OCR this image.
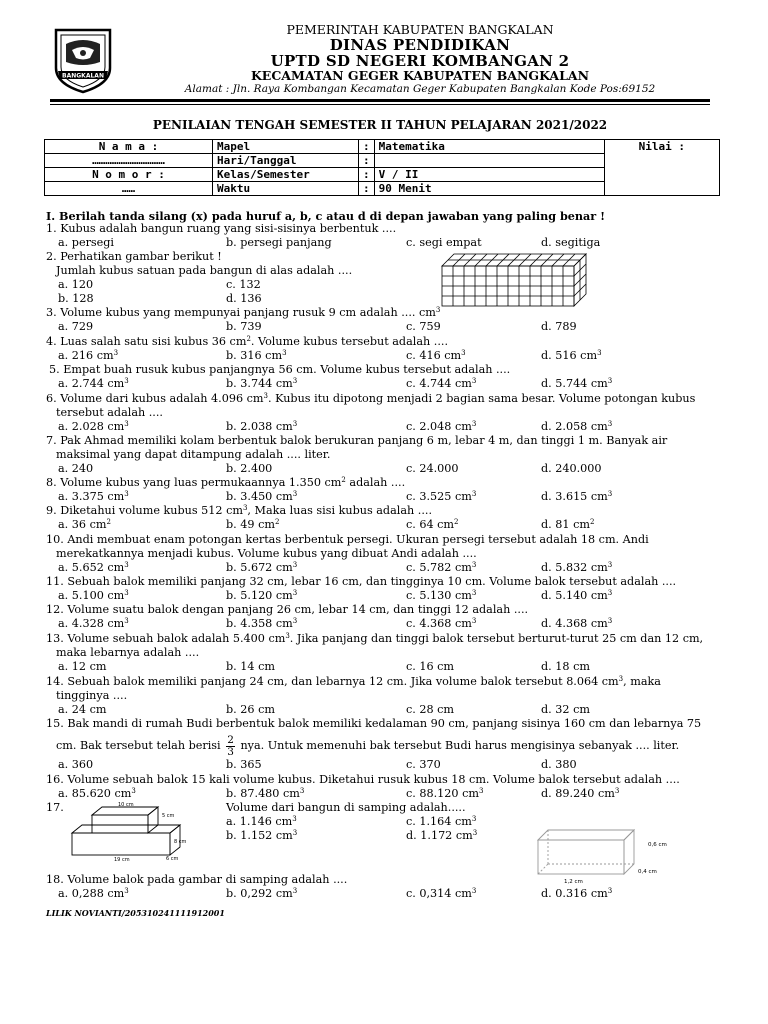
BANGKALAN
PEMERINTAH KABUPATEN BANGKALAN
DINAS PENDIDIKAN
UPTD SD NEGERI KOMBANGAN 2
KECAMATAN GEGER KABUPATEN BANGKALAN
Alamat : Jln. Raya Kombangan Kecamatan Geger Kabupaten Bangkalan Kode Pos:69152
PENILAIAN TENGAH SEMESTER II TAHUN PELAJARAN 2021/2022
N a m a :	Mapel	:	Matematika	Nilai :
……………………………	Hari/Tanggal	:		
N o m o r :	Kelas/Semester	:	V / II	
……	Waktu	:	90 Menit	
I. Berilah tanda silang (x) pada huruf a, b, c atau d di depan jawaban yang paling benar !
1. Kubus adalah bangun ruang yang sisi-sisinya berbentuk ....
a. persegi	b. persegi panjang	c. segi empat	d. segitiga
2. Perhatikan gambar berikut !
Jumlah kubus satuan pada bangun di alas adalah ....
a. 120	c. 132
b. 128	d. 136
3. Volume kubus yang mempunyai panjang rusuk 9 cm adalah .... $cm^3$
a. 729	b. 739	c. 759	d. 789
4. Luas salah satu sisi kubus 36 $cm^2$. Volume kubus tersebut adalah ....
a. 216 $cm^3$	b. 316 $cm^3$	c. 416 $cm^3$	d. 516 $cm^3$
5. Empat buah rusuk kubus panjangnya 56 cm. Volume kubus tersebut adalah ....
a. 2.744 $cm^3$	b. 3.744 $cm^3$	c. 4.744 $cm^3$	d. 5.744 $cm^3$
6. Volume dari kubus adalah 4.096 $cm^3$. Kubus itu dipotong menjadi 2 bagian sama besar. Volume potongan kubus
tersebut adalah ....
a. 2.028 $cm^3$	b. 2.038 $cm^3$	c. 2.048 $cm^3$	d. 2.058 $cm^3$
7. Pak Ahmad memiliki kolam berbentuk balok berukuran panjang 6 m, lebar 4 m, dan tinggi 1 m. Banyak air
maksimal yang dapat ditampung adalah .... liter.
a. 240	b. 2.400	c. 24.000	d. 240.000
8. Volume kubus yang luas permukaannya 1.350 $cm^2$ adalah ....
a. 3.375 $cm^3$	b. 3.450 $cm^3$	c. 3.525 $cm^3$	d. 3.615 $cm^3$
9. Diketahui volume kubus 512 $cm^3$, Maka luas sisi kubus adalah ....
a. 36 $cm^2$	b. 49 $cm^2$	c. 64 $cm^2$	d. 81 $cm^2$
10. Andi membuat enam potongan kertas berbentuk persegi. Ukuran persegi tersebut adalah 18 cm. Andi
merekatkannya menjadi kubus. Volume kubus yang dibuat Andi adalah ....
a. 5.652 $cm^3$	b. 5.672 $cm^3$	c. 5.782 $cm^3$	d. 5.832 $cm^3$
11. Sebuah balok memiliki panjang 32 cm, lebar 16 cm, dan tingginya 10 cm. Volume balok tersebut adalah ....
a. 5.100 $cm^3$	b. 5.120 $cm^3$	c. 5.130 $cm^3$	d. 5.140 $cm^3$
12. Volume suatu balok dengan panjang 26 cm, lebar 14 cm, dan tinggi 12 adalah ....
a. 4.328 $cm^3$	b. 4.358 $cm^3$	c. 4.368 $cm^3$	d. 4.368 $cm^3$
13. Volume sebuah balok adalah 5.400 $cm^3$. Jika panjang dan tinggi balok tersebut berturut-turut 25 cm dan 12 cm,
maka lebarnya adalah ....
a. 12 cm	b. 14 cm	c. 16 cm	d. 18 cm
14. Sebuah balok memiliki panjang 24 cm, dan lebarnya 12 cm. Jika volume balok tersebut 8.064 $cm^3$, maka
tingginya ....
a. 24 cm	b. 26 cm	c. 28 cm	d. 32 cm
15. Bak mandi di rumah Budi berbentuk balok memiliki kedalaman 90 cm, panjang sisinya 160 cm dan lebarnya 75
cm. Bak tersebut telah berisi $\frac{2}{3}$ nya. Untuk memenuhi bak tersebut Budi harus mengisinya sebanyak .... liter.
a. 360	b. 365	c. 370	d. 380
16. Volume sebuah balok 15 kali volume kubus. Diketahui rusuk kubus 18 cm. Volume balok tersebut adalah ....
a. 85.620 $cm^3$	b. 87.480 $cm^3$	c. 88.120 $cm^3$	d. 89.240 $cm^3$
17.	Volume dari bangun di samping adalah.....
a. 1.146 $cm^3$	c. 1.164 $cm^3$
b. 1.152 $cm^3$	d. 1.172 $cm^3$
10 cm
5 cm
8 cm
19 cm	6 cm
0,6 cm
0,4 cm
1,2 cm
18. Volume balok pada gambar di samping adalah ....
a. 0,288 $cm^3$	b. 0,292 $cm^3$	c. 0,314 $cm^3$	d. 0.316 $cm^3$
LILIK NOVIANTI/205310241111912001
